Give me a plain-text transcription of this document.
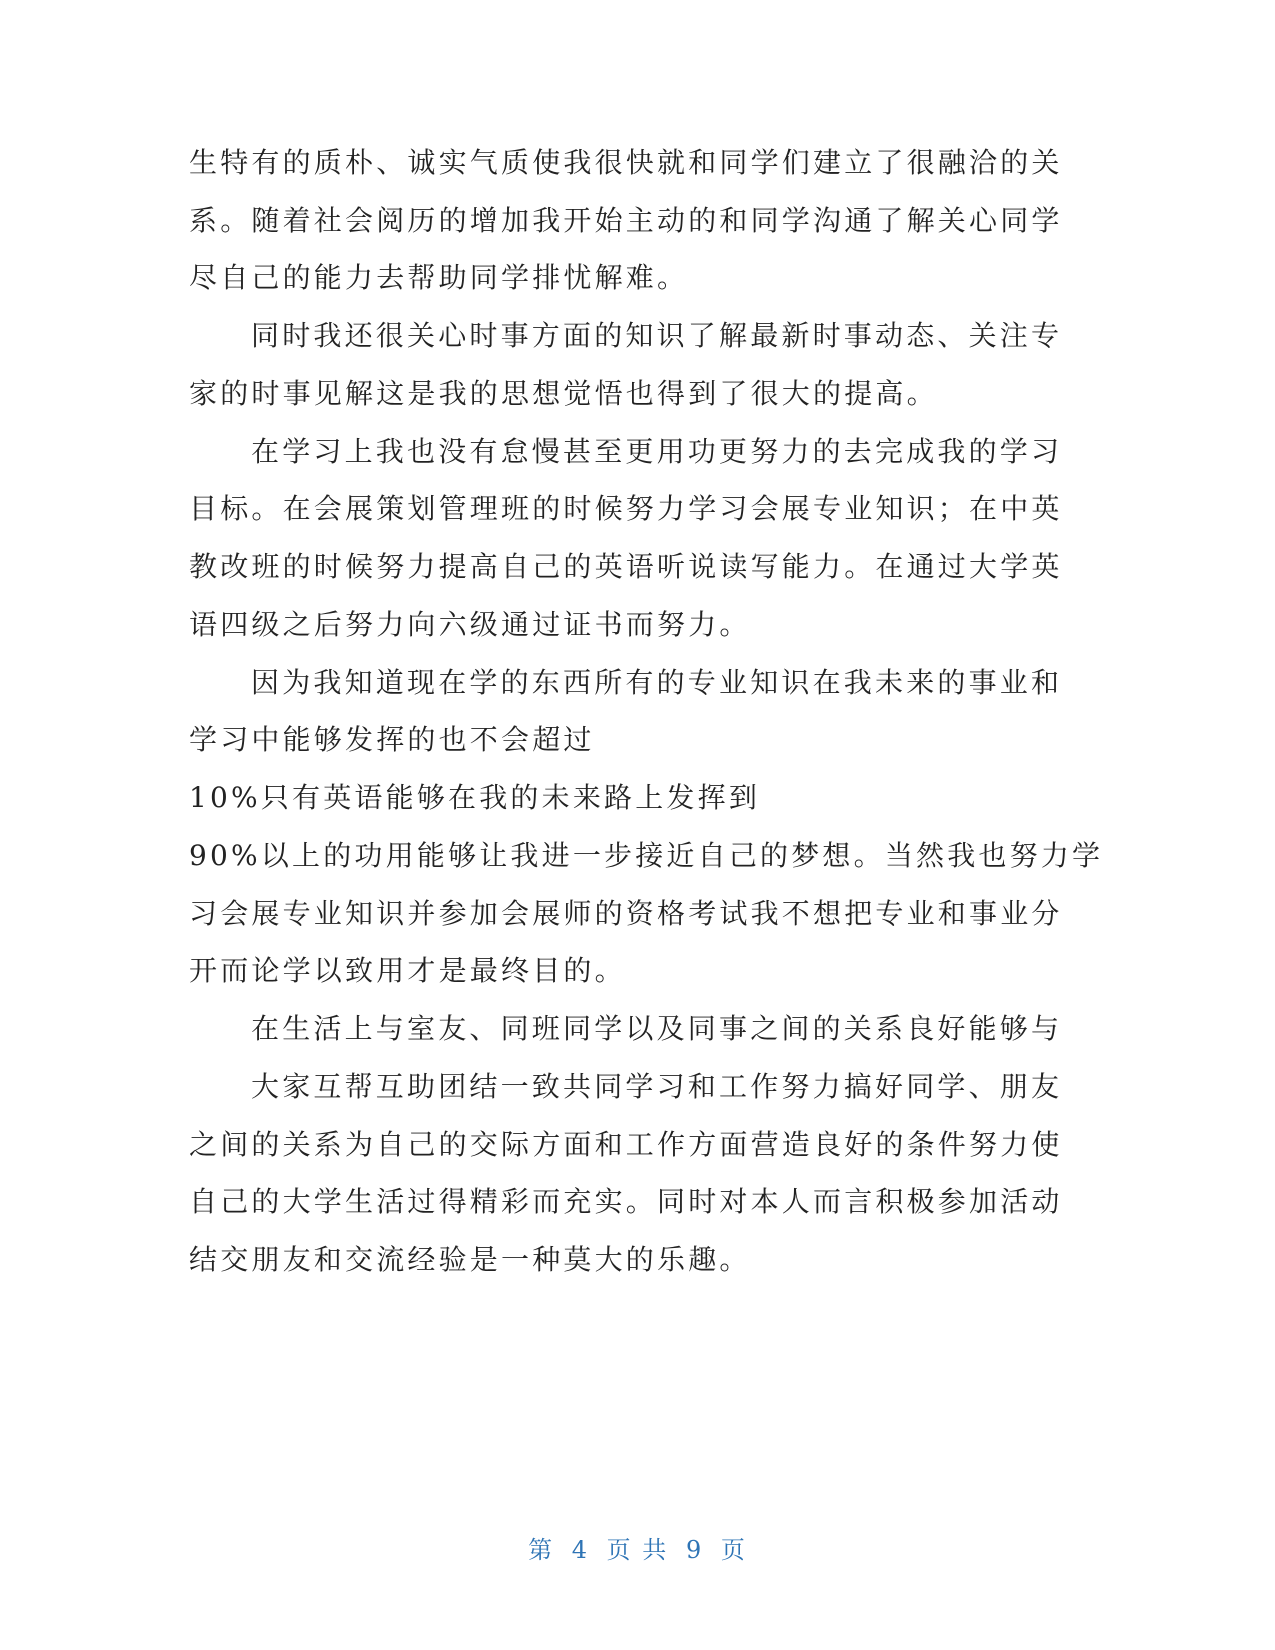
生特有的质朴、诚实气质使我很快就和同学们建立了很融洽的关
系。随着社会阅历的增加我开始主动的和同学沟通了解关心同学
尽自己的能力去帮助同学排忧解难。
同时我还很关心时事方面的知识了解最新时事动态、关注专
家的时事见解这是我的思想觉悟也得到了很大的提高。
在学习上我也没有怠慢甚至更用功更努力的去完成我的学习
目标。在会展策划管理班的时候努力学习会展专业知识；在中英
教改班的时候努力提高自己的英语听说读写能力。在通过大学英
语四级之后努力向六级通过证书而努力。
因为我知道现在学的东西所有的专业知识在我未来的事业和
学习中能够发挥的也不会超过
10%只有英语能够在我的未来路上发挥到
90%以上的功用能够让我进一步接近自己的梦想。当然我也努力学
习会展专业知识并参加会展师的资格考试我不想把专业和事业分
开而论学以致用才是最终目的。
在生活上与室友、同班同学以及同事之间的关系良好能够与
大家互帮互助团结一致共同学习和工作努力搞好同学、朋友
之间的关系为自己的交际方面和工作方面营造良好的条件努力使
自己的大学生活过得精彩而充实。同时对本人而言积极参加活动
结交朋友和交流经验是一种莫大的乐趣。
第 4 页 共 9 页
